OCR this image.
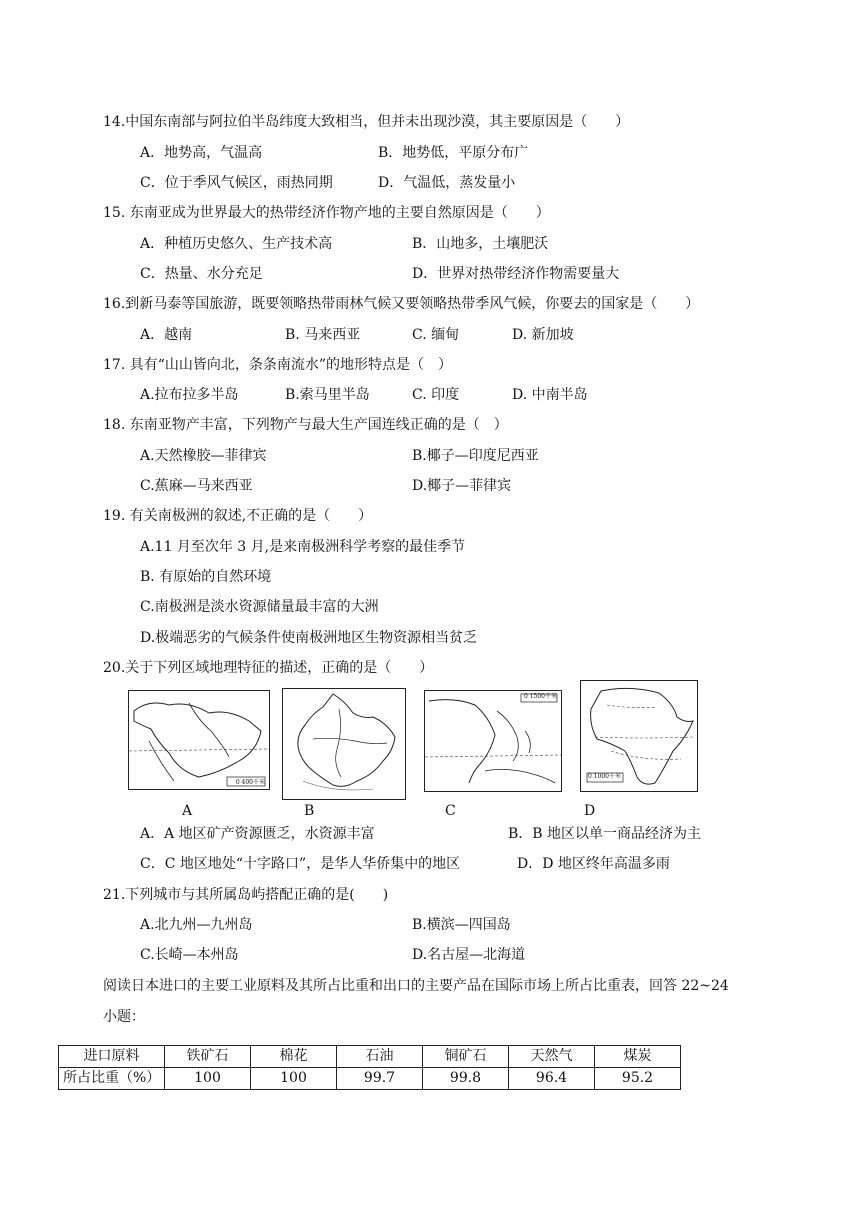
14.中国东南部与阿拉伯半岛纬度大致相当，但并未出现沙漠，其主要原因是（　　）
A．地势高，气温高	B．地势低，平原分布广
C．位于季风气候区，雨热同期	D．气温低，蒸发量小
15. 东南亚成为世界最大的热带经济作物产地的主要自然原因是（　　）
A．种植历史悠久、生产技术高	B．山地多，土壤肥沃
C．热量、水分充足	D．世界对热带经济作物需要量大
16.到新马泰等国旅游，既要领略热带雨林气候又要领略热带季风气候，你要去的国家是（　　）
A．越南	B. 马来西亚	C. 缅甸	D. 新加坡
17. 具有“山山皆向北，条条南流水”的地形特点是（　）
A.拉布拉多半岛	B.索马里半岛	C. 印度	D. 中南半岛
18. 东南亚物产丰富，下列物产与最大生产国连线正确的是（　）
A.天然橡胶—菲律宾	B.椰子—印度尼西亚
C.蕉麻—马来西亚	D.椰子—菲律宾
19. 有关南极洲的叙述,不正确的是（　　）
A.11 月至次年 3 月,是来南极洲科学考察的最佳季节
B. 有原始的自然环境
C.南极洲是淡水资源储量最丰富的大洲
D.极端恶劣的气候条件使南极洲地区生物资源相当贫乏
20.关于下列区域地理特征的描述，正确的是（　　）
0 400千米
0 1500千米
0 1000千米
A	B	C	D
A．A 地区矿产资源匮乏，水资源丰富	B．B 地区以单一商品经济为主
C．C 地区地处“十字路口”，是华人华侨集中的地区	D．D 地区终年高温多雨
21.下列城市与其所属岛屿搭配正确的是(　　)
A.北九州—九州岛	B.横滨—四国岛
C.长崎—本州岛	D.名古屋—北海道
阅读日本进口的主要工业原料及其所占比重和出口的主要产品在国际市场上所占比重表，回答 22~24
小题：
进口原料	铁矿石	棉花	石油	铜矿石	天然气	煤炭
所占比重（%）	100	100	99.7	99.8	96.4	95.2
